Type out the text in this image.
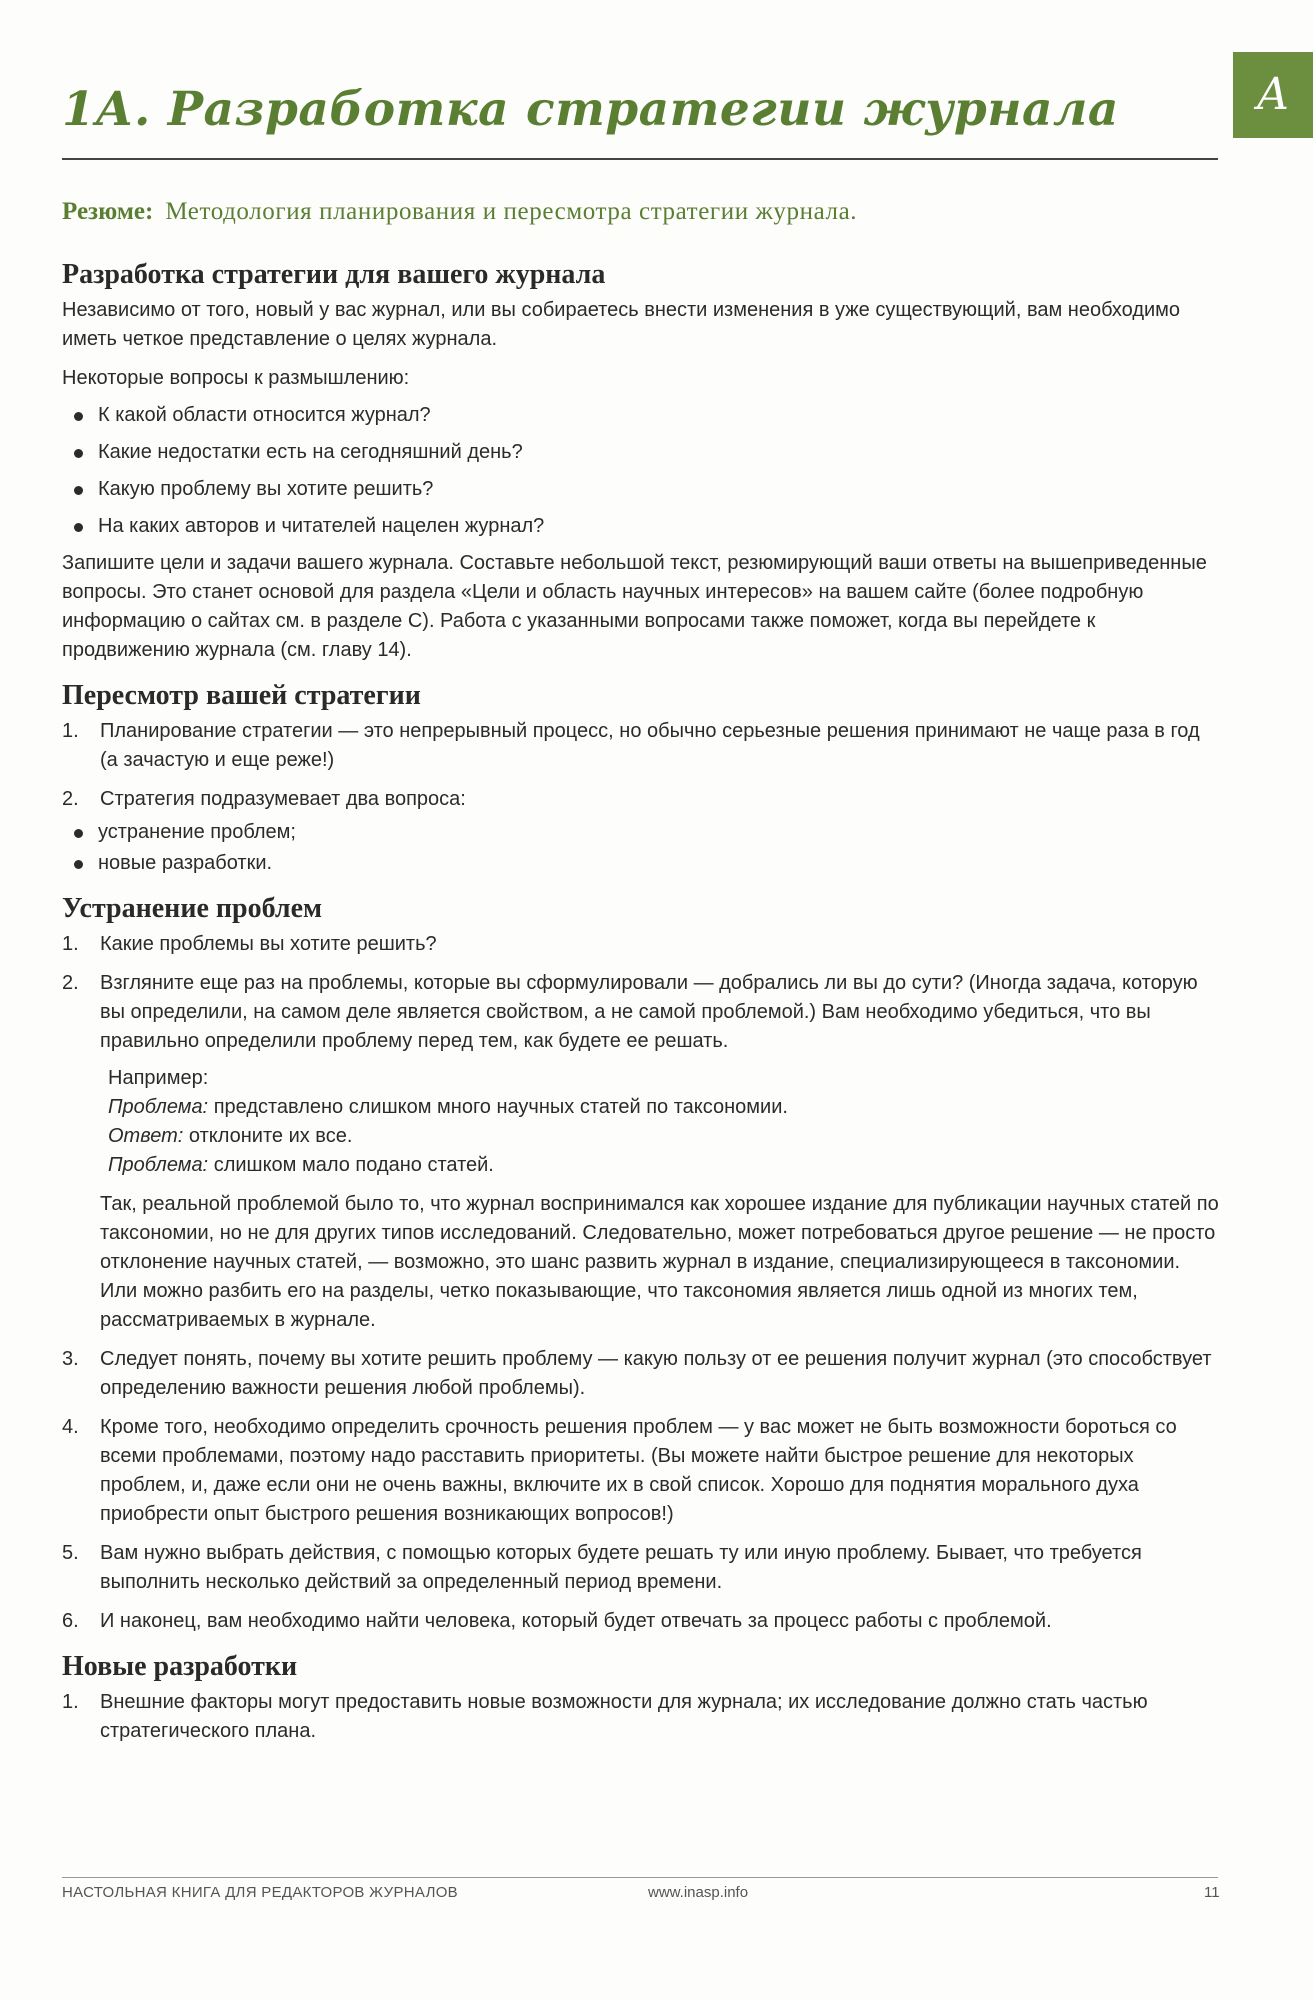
A
1А. Разработка стратегии журнала
Резюме: Методология планирования и пересмотра стратегии журнала.
Разработка стратегии для вашего журнала

Независимо от того, новый у вас журнал, или вы собираетесь внести изменения в уже существующий, вам необходимо иметь четкое представление о целях журнала.

Некоторые вопросы к размышлению:

К какой области относится журнал?
Какие недостатки есть на сегодняшний день?
Какую проблему вы хотите решить?
На каких авторов и читателей нацелен журнал?

Запишите цели и задачи вашего журнала. Составьте небольшой текст, резюмирующий ваши ответы на вышеприведенные вопросы. Это станет основой для раздела «Цели и область научных интересов» на вашем сайте (более подробную информацию о сайтах см. в разделе С). Работа с указанными вопросами также поможет, когда вы перейдете к продвижению журнала (см. главу 14).

Пересмотр вашей стратегии
1. Планирование стратегии — это непрерывный процесс, но обычно серьезные решения принимают не чаще раза в год (а зачастую и еще реже!)
2. Стратегия подразумевает два вопроса:
устранение проблем;
новые разработки.
Устранение проблем
1. Какие проблемы вы хотите решить?
2. Взгляните еще раз на проблемы, которые вы сформулировали — добрались ли вы до сути? (Иногда задача, которую вы определили, на самом деле является свойством, а не самой проблемой.) Вам необходимо убедиться, что вы правильно определили проблему перед тем, как будете ее решать.
Например:
Проблема: представлено слишком много научных статей по таксономии.
Ответ: отклоните их все.
Проблема: слишком мало подано статей.
Так, реальной проблемой было то, что журнал воспринимался как хорошее издание для публикации научных статей по таксономии, но не для других типов исследований. Следовательно, может потребоваться другое решение — не просто отклонение научных статей, — возможно, это шанс развить журнал в издание, специализирующееся в таксономии. Или можно разбить его на разделы, четко показывающие, что таксономия является лишь одной из многих тем, рассматриваемых в журнале.
3. Следует понять, почему вы хотите решить проблему — какую пользу от ее решения получит журнал (это способствует определению важности решения любой проблемы).
4. Кроме того, необходимо определить срочность решения проблем — у вас может не быть возможности бороться со всеми проблемами, поэтому надо расставить приоритеты. (Вы можете найти быстрое решение для некоторых проблем, и, даже если они не очень важны, включите их в свой список. Хорошо для поднятия морального духа приобрести опыт быстрого решения возникающих вопросов!)
5. Вам нужно выбрать действия, с помощью которых будете решать ту или иную проблему. Бывает, что требуется выполнить несколько действий за определенный период времени.
6. И наконец, вам необходимо найти человека, который будет отвечать за процесс работы с проблемой.
Новые разработки
1. Внешние факторы могут предоставить новые возможности для журнала; их исследование должно стать частью стратегического плана.
НАСТОЛЬНАЯ КНИГА ДЛЯ РЕДАКТОРОВ ЖУРНАЛОВ	www.inasp.info	11
